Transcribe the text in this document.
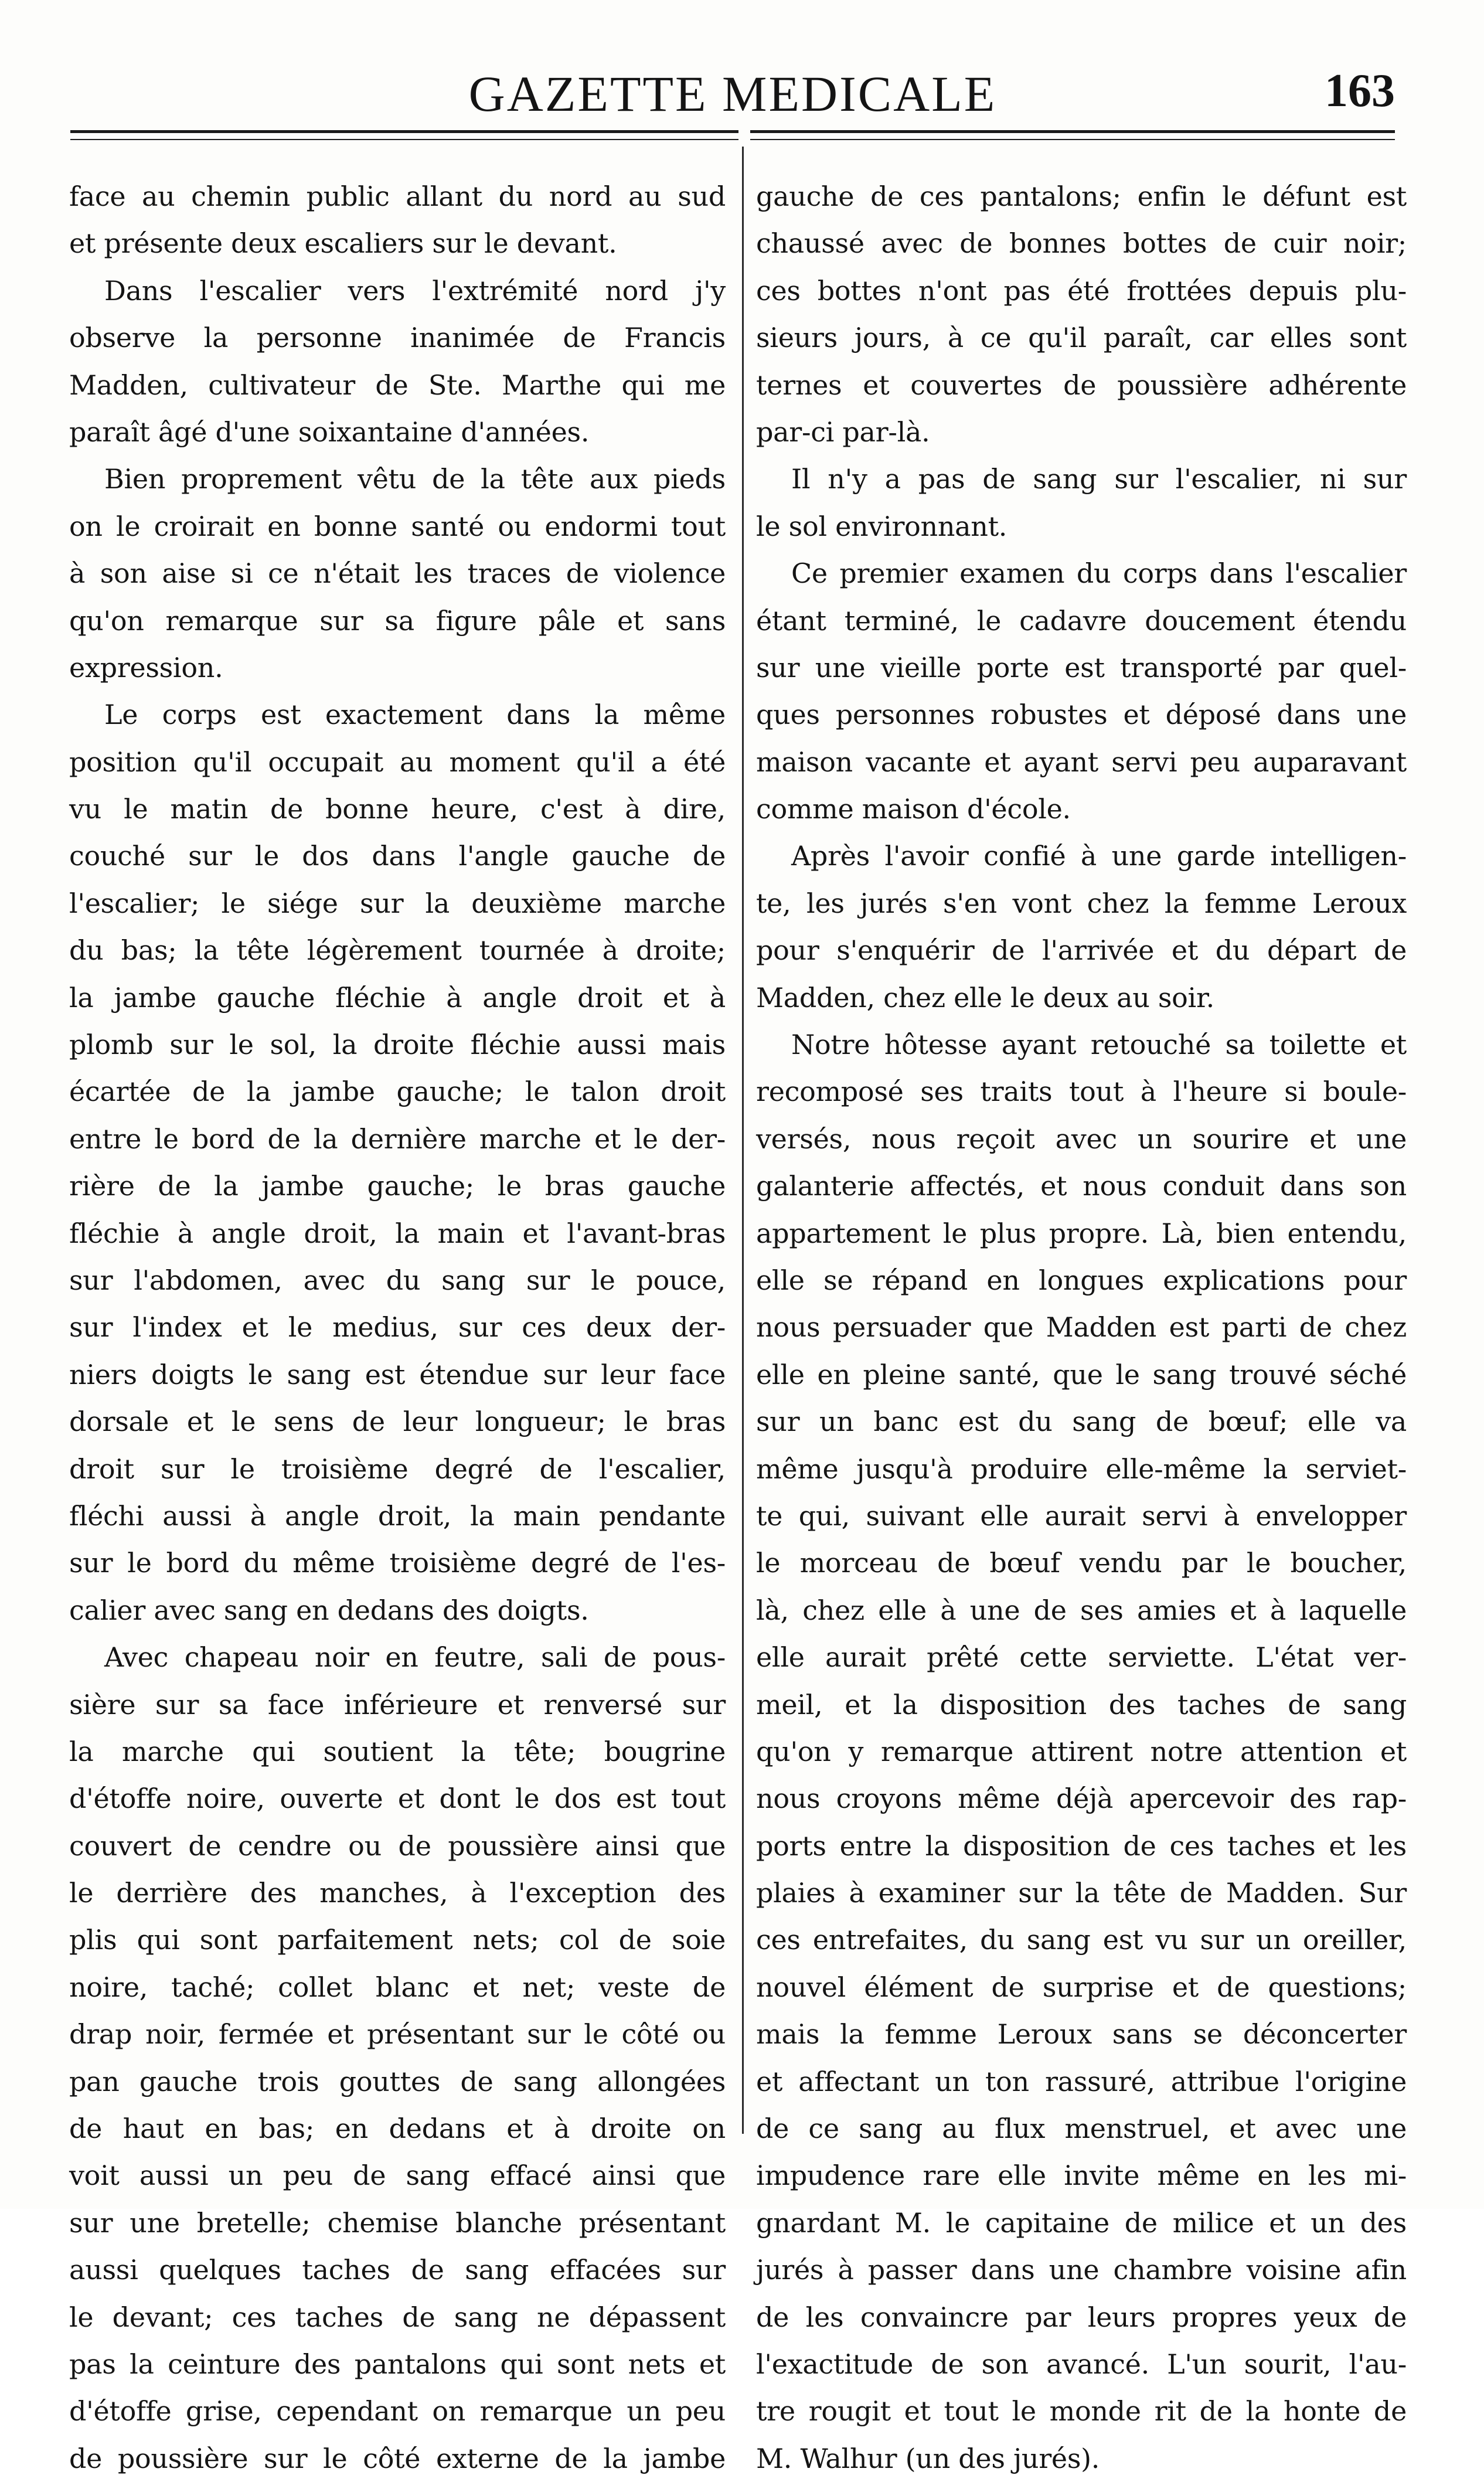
GAZETTE MEDICALE	163
face au chemin public allant du nord au sud
et présente deux escaliers sur le devant.
Dans l'escalier vers l'extrémité nord j'y
observe la personne inanimée de Francis
Madden, cultivateur de Ste. Marthe qui me
paraît âgé d'une soixantaine d'années.
Bien proprement vêtu de la tête aux pieds
on le croirait en bonne santé ou endormi tout
à son aise si ce n'était les traces de violence
qu'on remarque sur sa figure pâle et sans
expression.
Le corps est exactement dans la même
position qu'il occupait au moment qu'il a été
vu le matin de bonne heure, c'est à dire,
couché sur le dos dans l'angle gauche de
l'escalier; le siége sur la deuxième marche
du bas; la tête légèrement tournée à droite;
la jambe gauche fléchie à angle droit et à
plomb sur le sol, la droite fléchie aussi mais
écartée de la jambe gauche; le talon droit
entre le bord de la dernière marche et le der-
rière de la jambe gauche; le bras gauche
fléchie à angle droit, la main et l'avant-bras
sur l'abdomen, avec du sang sur le pouce,
sur l'index et le medius, sur ces deux der-
niers doigts le sang est étendue sur leur face
dorsale et le sens de leur longueur; le bras
droit sur le troisième degré de l'escalier,
fléchi aussi à angle droit, la main pendante
sur le bord du même troisième degré de l'es-
calier avec sang en dedans des doigts.
Avec chapeau noir en feutre, sali de pous-
sière sur sa face inférieure et renversé sur
la marche qui soutient la tête; bougrine
d'étoffe noire, ouverte et dont le dos est tout
couvert de cendre ou de poussière ainsi que
le derrière des manches, à l'exception des
plis qui sont parfaitement nets; col de soie
noire, taché; collet blanc et net; veste de
drap noir, fermée et présentant sur le côté ou
pan gauche trois gouttes de sang allongées
de haut en bas; en dedans et à droite on
voit aussi un peu de sang effacé ainsi que
sur une bretelle; chemise blanche présentant
aussi quelques taches de sang effacées sur
le devant; ces taches de sang ne dépassent
pas la ceinture des pantalons qui sont nets et
d'étoffe grise, cependant on remarque un peu
de poussière sur le côté externe de la jambe
gauche de ces pantalons; enfin le défunt est
chaussé avec de bonnes bottes de cuir noir;
ces bottes n'ont pas été frottées depuis plu-
sieurs jours, à ce qu'il paraît, car elles sont
ternes et couvertes de poussière adhérente
par-ci par-là.
Il n'y a pas de sang sur l'escalier, ni sur
le sol environnant.
Ce premier examen du corps dans l'escalier
étant terminé, le cadavre doucement étendu
sur une vieille porte est transporté par quel-
ques personnes robustes et déposé dans une
maison vacante et ayant servi peu auparavant
comme maison d'école.
Après l'avoir confié à une garde intelligen-
te, les jurés s'en vont chez la femme Leroux
pour s'enquérir de l'arrivée et du départ de
Madden, chez elle le deux au soir.
Notre hôtesse ayant retouché sa toilette et
recomposé ses traits tout à l'heure si boule-
versés, nous reçoit avec un sourire et une
galanterie affectés, et nous conduit dans son
appartement le plus propre. Là, bien entendu,
elle se répand en longues explications pour
nous persuader que Madden est parti de chez
elle en pleine santé, que le sang trouvé séché
sur un banc est du sang de bœuf; elle va
même jusqu'à produire elle-même la serviet-
te qui, suivant elle aurait servi à envelopper
le morceau de bœuf vendu par le boucher,
là, chez elle à une de ses amies et à laquelle
elle aurait prêté cette serviette. L'état ver-
meil, et la disposition des taches de sang
qu'on y remarque attirent notre attention et
nous croyons même déjà apercevoir des rap-
ports entre la disposition de ces taches et les
plaies à examiner sur la tête de Madden. Sur
ces entrefaites, du sang est vu sur un oreiller,
nouvel élément de surprise et de questions;
mais la femme Leroux sans se déconcerter
et affectant un ton rassuré, attribue l'origine
de ce sang au flux menstruel, et avec une
impudence rare elle invite même en les mi-
gnardant M. le capitaine de milice et un des
jurés à passer dans une chambre voisine afin
de les convaincre par leurs propres yeux de
l'exactitude de son avancé. L'un sourit, l'au-
tre rougit et tout le monde rit de la honte de
M. Walhur (un des jurés).
